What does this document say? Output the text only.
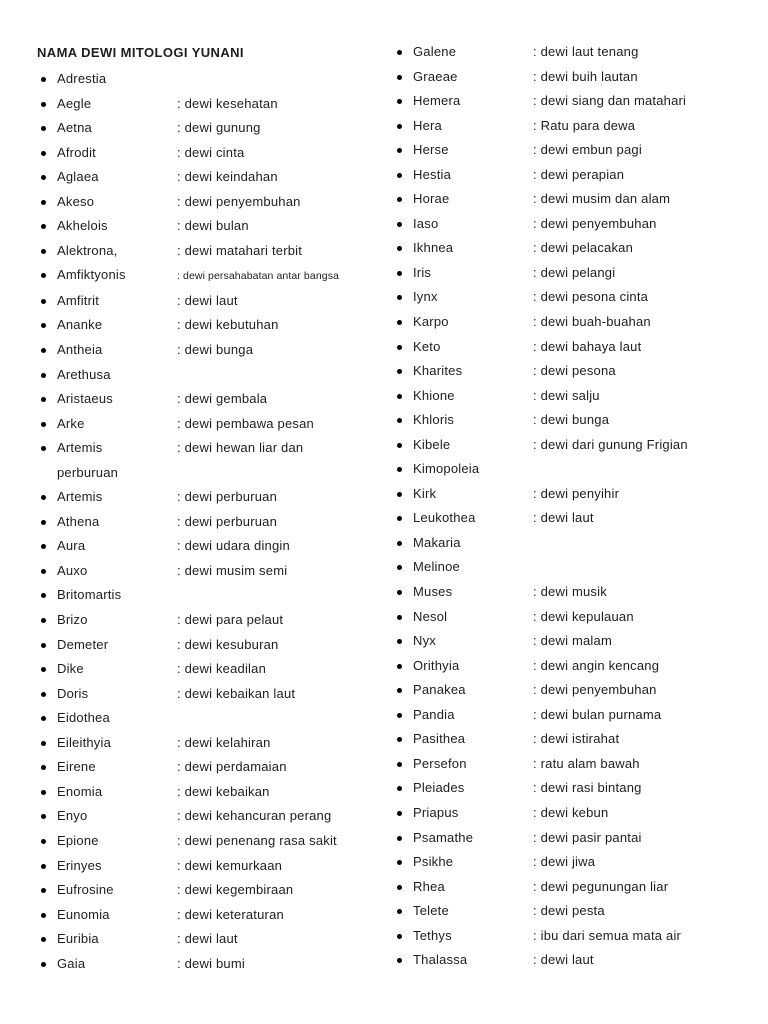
NAMA DEWI MITOLOGI YUNANI
Adrestia
Aegle	: dewi kesehatan
Aetna	: dewi gunung
Afrodit	: dewi cinta
Aglaea	: dewi keindahan
Akeso	: dewi penyembuhan
Akhelois	: dewi bulan
Alektrona,	: dewi matahari terbit
Amfiktyonis	: dewi persahabatan antar bangsa
Amfitrit	: dewi laut
Ananke	: dewi kebutuhan
Antheia	: dewi bunga
Arethusa
Aristaeus	: dewi gembala
Arke	: dewi pembawa pesan
Artemis	: dewi hewan liar dan
perburuan
Artemis	: dewi perburuan
Athena	: dewi perburuan
Aura	: dewi udara dingin
Auxo	: dewi musim semi
Britomartis
Brizo	: dewi para pelaut
Demeter	: dewi kesuburan
Dike	: dewi keadilan
Doris	: dewi kebaikan laut
Eidothea
Eileithyia	: dewi kelahiran
Eirene	: dewi perdamaian
Enomia	: dewi kebaikan
Enyo	: dewi kehancuran perang
Epione	: dewi penenang rasa sakit
Erinyes	: dewi kemurkaan
Eufrosine	: dewi kegembiraan
Eunomia	: dewi keteraturan
Euribia	: dewi laut
Gaia	: dewi bumi
Galene	: dewi laut tenang
Graeae	: dewi buih lautan
Hemera	: dewi siang dan matahari
Hera	: Ratu para dewa
Herse	: dewi embun pagi
Hestia	: dewi perapian
Horae	: dewi musim dan alam
Iaso	: dewi penyembuhan
Ikhnea	: dewi pelacakan
Iris	: dewi pelangi
Iynx	: dewi pesona cinta
Karpo	: dewi buah-buahan
Keto	: dewi bahaya laut
Kharites	: dewi pesona
Khione	: dewi salju
Khloris	: dewi bunga
Kibele	: dewi dari gunung Frigian
Kimopoleia
Kirk	: dewi penyihir
Leukothea	: dewi laut
Makaria
Melinoe
Muses	: dewi musik
Nesol	: dewi kepulauan
Nyx	: dewi malam
Orithyia	: dewi angin kencang
Panakea	: dewi penyembuhan
Pandia	: dewi bulan purnama
Pasithea	: dewi istirahat
Persefon	: ratu alam bawah
Pleiades	: dewi rasi bintang
Priapus	: dewi kebun
Psamathe	: dewi pasir pantai
Psikhe	: dewi jiwa
Rhea	: dewi pegunungan liar
Telete	: dewi pesta
Tethys	: ibu dari semua mata air
Thalassa	: dewi laut
